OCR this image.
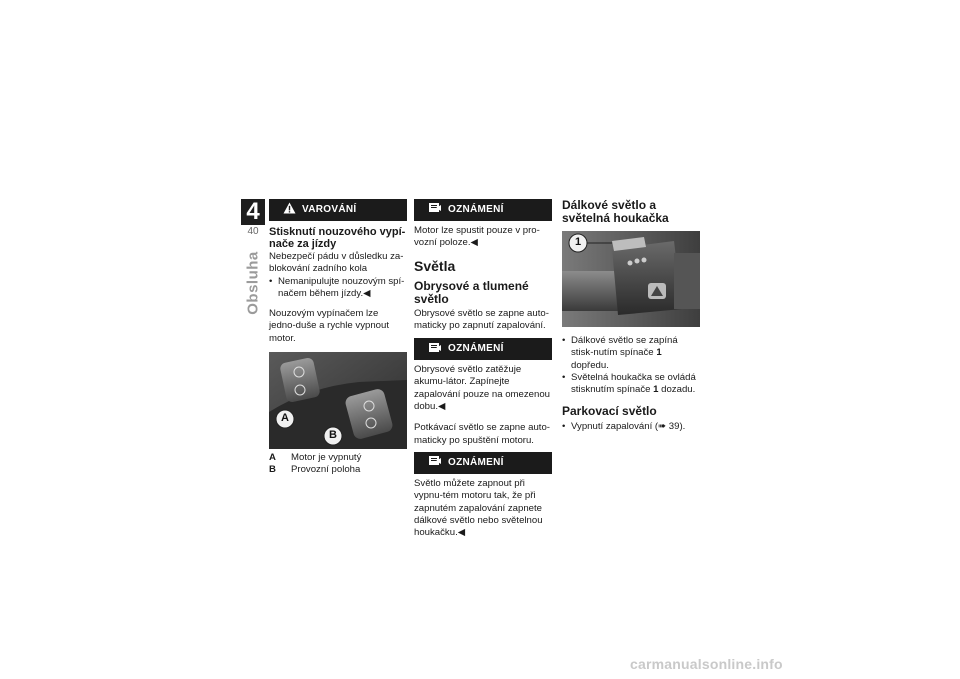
4
40
Obsluha
VAROVÁNÍ
Stisknutí nouzového vypí-nače za jízdy

Nebezpečí pádu v důsledku za-blokování zadního kola

• Nemanipulujte nouzovým spí-načem během jízdy.◀

Nouzovým vypínačem lze jedno-duše a rychle vypnout motor.

A
B
A	Motor je vypnutý
B	Provozní poloha
OZNÁMENÍ

Motor lze spustit pouze v pro-vozní poloze.◀

Světla
Obrysové a tlumené světlo

Obrysové světlo se zapne auto-maticky po zapnutí zapalování.

OZNÁMENÍ

Obrysové světlo zatěžuje akumu-látor. Zapínejte zapalování pouze na omezenou dobu.◀

Potkávací světlo se zapne auto-maticky po spuštění motoru.

OZNÁMENÍ

Světlo můžete zapnout při vypnu-tém motoru tak, že při zapnutém zapalování zapnete dálkové světlo nebo světelnou houkačku.◀

Dálkové světlo a světelná houkačka
1
• Dálkové světlo se zapíná stisk-nutím spínače 1 dopředu.
• Světelná houkačka se ovládá stisknutím spínače 1 dozadu.
Parkovací světlo
• Vypnutí zapalování (➠ 39).
carmanualsonline.info
